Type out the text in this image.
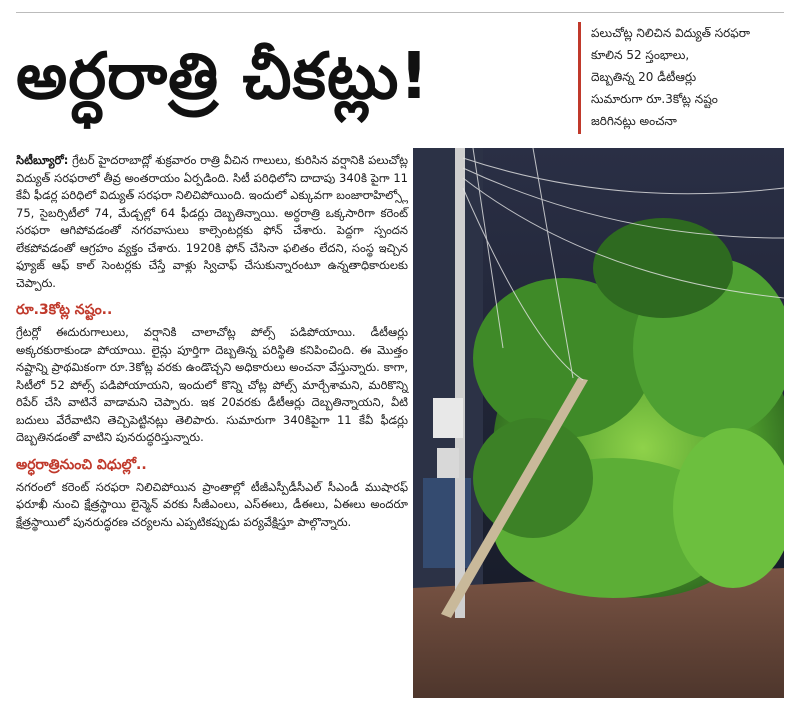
అర్ధరాత్రి చీకట్లు!
పలుచోట్ల నిలిచిన విద్యుత్ సరఫరా
కూలిన 52 స్తంభాలు,
దెబ్బతిన్న 20 డీటీఆర్లు
సుమారుగా రూ.3కోట్ల నష్టం
జరిగినట్లు అంచనా

సిటీబ్యూరో: గ్రేటర్ హైదరాబాద్లో శుక్రవారం రాత్రి వీచిన గాలులు, కురిసిన వర్షానికి పలుచోట్ల విద్యుత్ సరఫరాలో తీవ్ర అంతరాయం ఏర్పడింది. సిటీ పరిధిలోని దాదాపు 340కి పైగా 11 కేవీ ఫీడర్ల పరిధిలో విద్యుత్ సరఫరా నిలిచిపోయింది. ఇందులో ఎక్కువగా బంజారాహిల్స్లో 75, సైబర్సిటీలో 74, మేడ్చల్లో 64 ఫీడర్లు దెబ్బతిన్నాయి. అర్ధరాత్రి ఒక్కసారిగా కరెంట్ సరఫరా ఆగిపోవడంతో నగరవాసులు కాల్సెంటర్లకు ఫోన్ చేశారు. పెద్దగా స్పందన లేకపోవడంతో ఆగ్రహం వ్యక్తం చేశారు. 1920కి ఫోన్ చేసినా ఫలితం లేదని, సంస్థ ఇచ్చిన ఫ్యూజ్ ఆఫ్ కాల్ సెంటర్లకు చేస్తే వాళ్లు స్విచాఫ్ చేసుకున్నారంటూ ఉన్నతాధికారులకు చెప్పారు.

రూ.3కోట్ల నష్టం..

గ్రేటర్లో ఈదురుగాలులు, వర్షానికి చాలాచోట్ల పోల్స్ పడిపోయాయి. డీటీఆర్లు అక్కరకురాకుండా పోయాయి. లైన్లు పూర్తిగా దెబ్బతిన్న పరిస్థితి కనిపించింది. ఈ మొత్తం నష్టాన్ని ప్రాథమికంగా రూ.3కోట్ల వరకు ఉండొచ్చని అధికారులు అంచనా వేస్తున్నారు. కాగా, సిటీలో 52 పోల్స్ పడిపోయాయని, ఇందులో కొన్ని చోట్ల పోల్స్ మార్చేశామని, మరికొన్ని రిపేర్ చేసి వాటినే వాడామని చెప్పారు. ఇక 20వరకు డీటీఆర్లు దెబ్బతిన్నాయని, వీటి బదులు వేరేవాటిని తెచ్చిపెట్టినట్లు తెలిపారు. సుమారుగా 340కిపైగా 11 కేవీ ఫీడర్లు దెబ్బతినడంతో వాటిని పునరుద్ధరిస్తున్నారు.

అర్ధరాత్రినుంచి విధుల్లో..

నగరంలో కరెంట్ సరఫరా నిలిచిపోయిన ప్రాంతాల్లో టీజీఎస్పీడీసీఎల్ సీఎండీ ముషారఫ్ ఫరూఖీ నుంచి క్షేత్రస్థాయి లైన్మెన్ వరకు సీజీఎంలు, ఎస్ఈలు, డీఈలు, ఏఈలు అందరూ క్షేత్రస్థాయిలో పునరుద్ధరణ చర్యలను ఎప్పటికప్పుడు పర్యవేక్షిస్తూ పాల్గొన్నారు.
